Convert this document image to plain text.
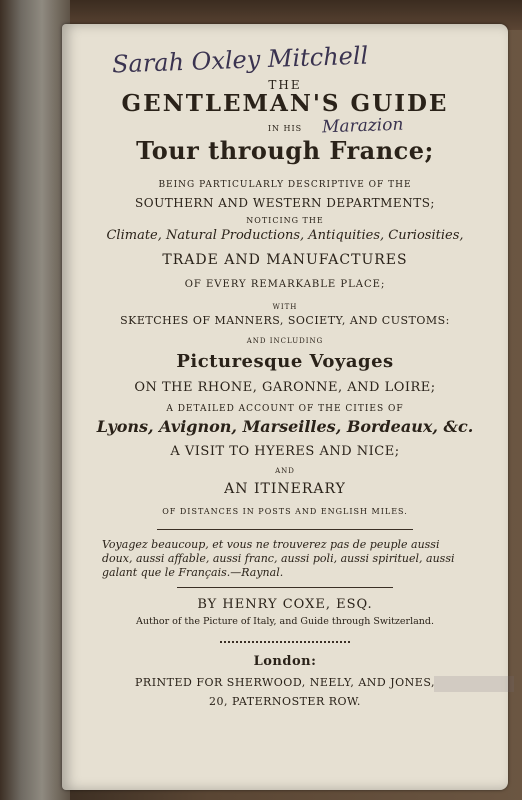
Sarah Oxley Mitchell
Marazion
THE
GENTLEMAN'S GUIDE
IN HIS
Tour through France;
BEING PARTICULARLY DESCRIPTIVE OF THE
SOUTHERN AND WESTERN DEPARTMENTS;
NOTICING THE
Climate, Natural Productions, Antiquities, Curiosities,
TRADE AND MANUFACTURES
OF EVERY REMARKABLE PLACE;
WITH
SKETCHES OF MANNERS, SOCIETY, AND CUSTOMS:
AND INCLUDING
Picturesque Voyages
ON THE RHONE, GARONNE, AND LOIRE;
A DETAILED ACCOUNT OF THE CITIES OF
Lyons, Avignon, Marseilles, Bordeaux, &c.
A VISIT TO HYERES AND NICE;
AND
AN ITINERARY
OF DISTANCES IN POSTS AND ENGLISH MILES.
Voyagez beaucoup, et vous ne trouverez pas de peuple aussi doux, aussi affable, aussi franc, aussi poli, aussi spirituel, aussi galant que le Français.—Raynal.
BY HENRY COXE, ESQ.
Author of the Picture of Italy, and Guide through Switzerland.
London:
PRINTED FOR SHERWOOD, NEELY, AND JONES,
20, PATERNOSTER ROW.
